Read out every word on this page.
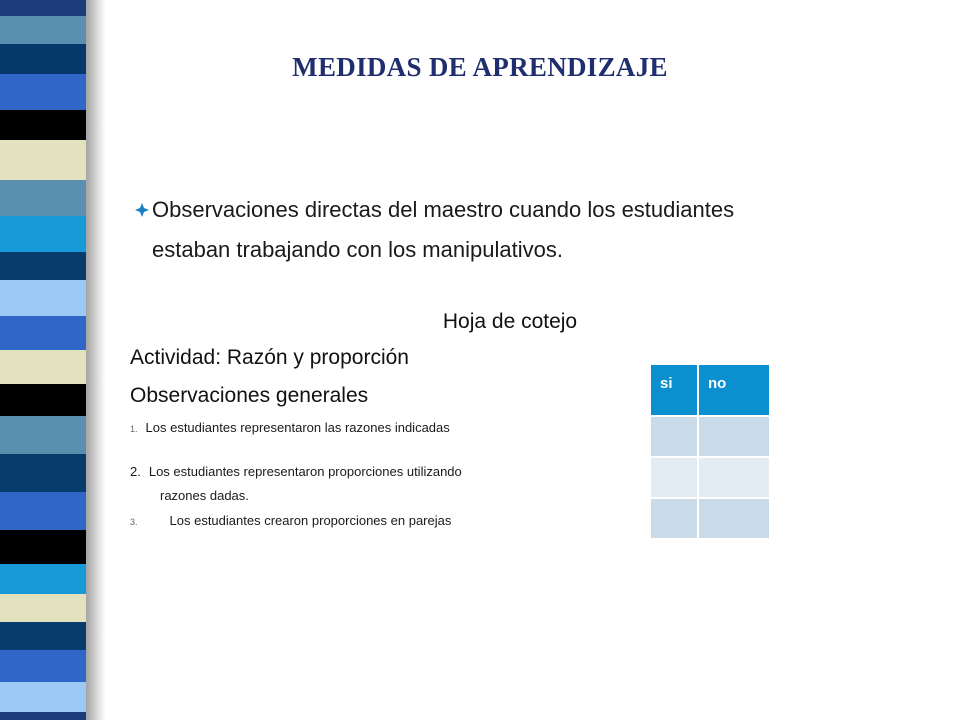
MEDIDAS DE APRENDIZAJE
Observaciones directas del maestro cuando los estudiantes
estaban trabajando con los manipulativos.
Hoja de cotejo
Actividad: Razón y proporción
Observaciones generales
1. Los estudiantes representaron las razones indicadas
2. Los estudiantes representaron proporciones utilizando
razones dadas.
3. Los estudiantes crearon proporciones en parejas
si	no
